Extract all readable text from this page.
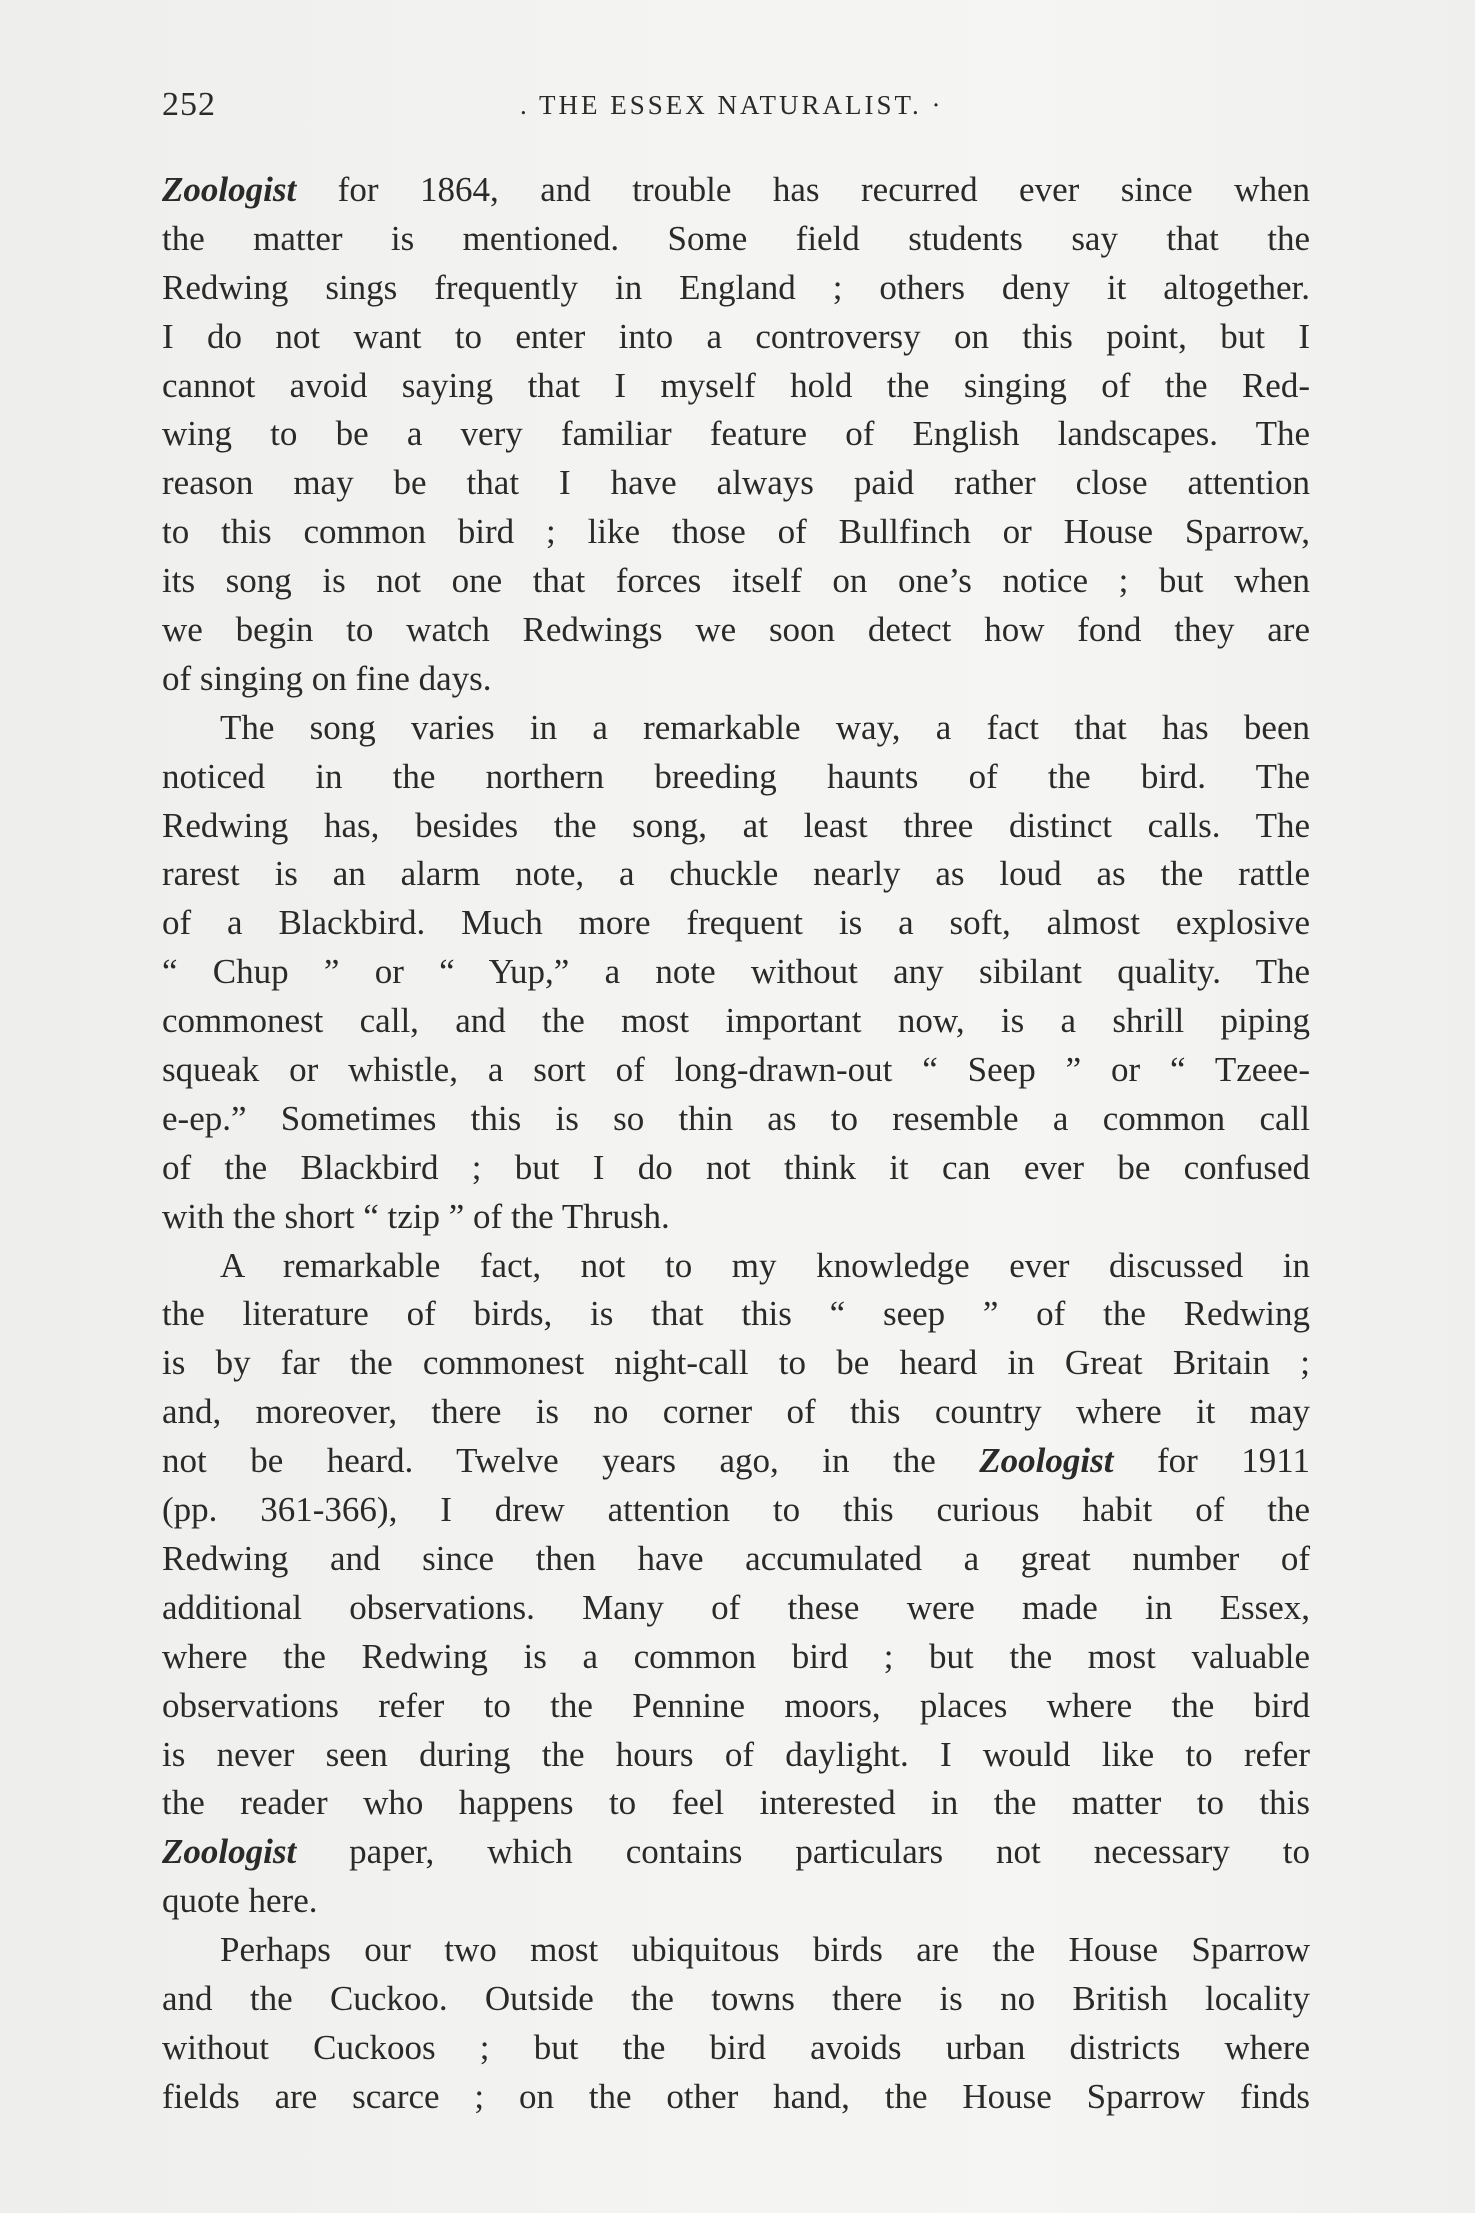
252	. THE ESSEX NATURALIST. ·
Zoologist for 1864, and trouble has recurred ever since when
the matter is mentioned. Some field students say that the
Redwing sings frequently in England ; others deny it altogether.
I do not want to enter into a controversy on this point, but I
cannot avoid saying that I myself hold the singing of the Red-
wing to be a very familiar feature of English landscapes. The
reason may be that I have always paid rather close attention
to this common bird ; like those of Bullfinch or House Sparrow,
its song is not one that forces itself on one’s notice ; but when
we begin to watch Redwings we soon detect how fond they are
of singing on fine days.
The song varies in a remarkable way, a fact that has been
noticed in the northern breeding haunts of the bird. The
Redwing has, besides the song, at least three distinct calls. The
rarest is an alarm note, a chuckle nearly as loud as the rattle
of a Blackbird. Much more frequent is a soft, almost explosive
“ Chup ” or “ Yup,” a note without any sibilant quality. The
commonest call, and the most important now, is a shrill piping
squeak or whistle, a sort of long-drawn-out “ Seep ” or “ Tzeee-
e-ep.” Sometimes this is so thin as to resemble a common call
of the Blackbird ; but I do not think it can ever be confused
with the short “ tzip ” of the Thrush.
A remarkable fact, not to my knowledge ever discussed in
the literature of birds, is that this “ seep ” of the Redwing
is by far the commonest night-call to be heard in Great Britain ;
and, moreover, there is no corner of this country where it may
not be heard. Twelve years ago, in the Zoologist for 1911
(pp. 361-366), I drew attention to this curious habit of the
Redwing and since then have accumulated a great number of
additional observations. Many of these were made in Essex,
where the Redwing is a common bird ; but the most valuable
observations refer to the Pennine moors, places where the bird
is never seen during the hours of daylight. I would like to refer
the reader who happens to feel interested in the matter to this
Zoologist paper, which contains particulars not necessary to
quote here.
Perhaps our two most ubiquitous birds are the House Sparrow
and the Cuckoo. Outside the towns there is no British locality
without Cuckoos ; but the bird avoids urban districts where
fields are scarce ; on the other hand, the House Sparrow finds
